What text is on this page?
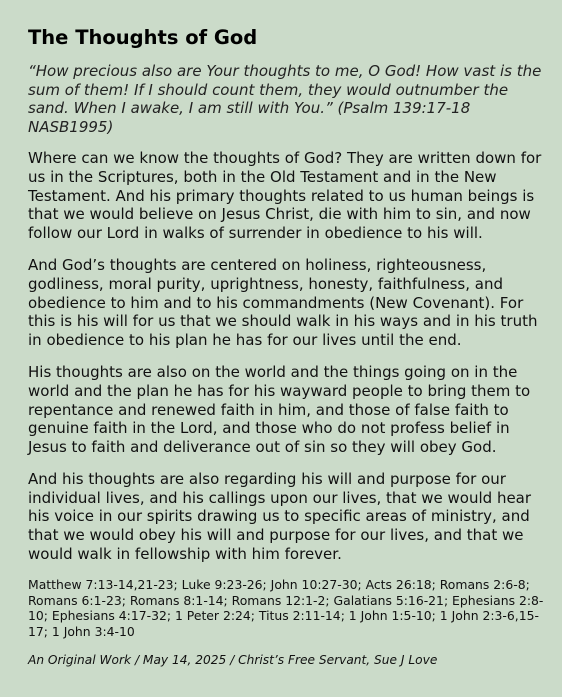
The Thoughts of God

“How precious also are Your thoughts to me, O God! How vast is the sum of them! If I should count them, they would outnumber the sand. When I awake, I am still with You.” (Psalm 139:17-18 NASB1995)

Where can we know the thoughts of God? They are written down for us in the Scriptures, both in the Old Testament and in the New Testament. And his primary thoughts related to us human beings is that we would believe on Jesus Christ, die with him to sin, and now follow our Lord in walks of surrender in obedience to his will.

And God’s thoughts are centered on holiness, righteousness, godliness, moral purity, uprightness, honesty, faithfulness, and obedience to him and to his commandments (New Covenant). For this is his will for us that we should walk in his ways and in his truth in obedience to his plan he has for our lives until the end.

His thoughts are also on the world and the things going on in the world and the plan he has for his wayward people to bring them to repentance and renewed faith in him, and those of false faith to genuine faith in the Lord, and those who do not profess belief in Jesus to faith and deliverance out of sin so they will obey God.

And his thoughts are also regarding his will and purpose for our individual lives, and his callings upon our lives, that we would hear his voice in our spirits drawing us to specific areas of ministry, and that we would obey his will and purpose for our lives, and that we would walk in fellowship with him forever.

Matthew 7:13-14,21-23; Luke 9:23-26; John 10:27-30; Acts 26:18; Romans 2:6-8; Romans 6:1-23; Romans 8:1-14; Romans 12:1-2; Galatians 5:16-21; Ephesians 2:8-10; Ephesians 4:17-32; 1 Peter 2:24; Titus 2:11-14; 1 John 1:5-10; 1 John 2:3-6,15-17; 1 John 3:4-10

An Original Work / May 14, 2025 / Christ’s Free Servant, Sue J Love
